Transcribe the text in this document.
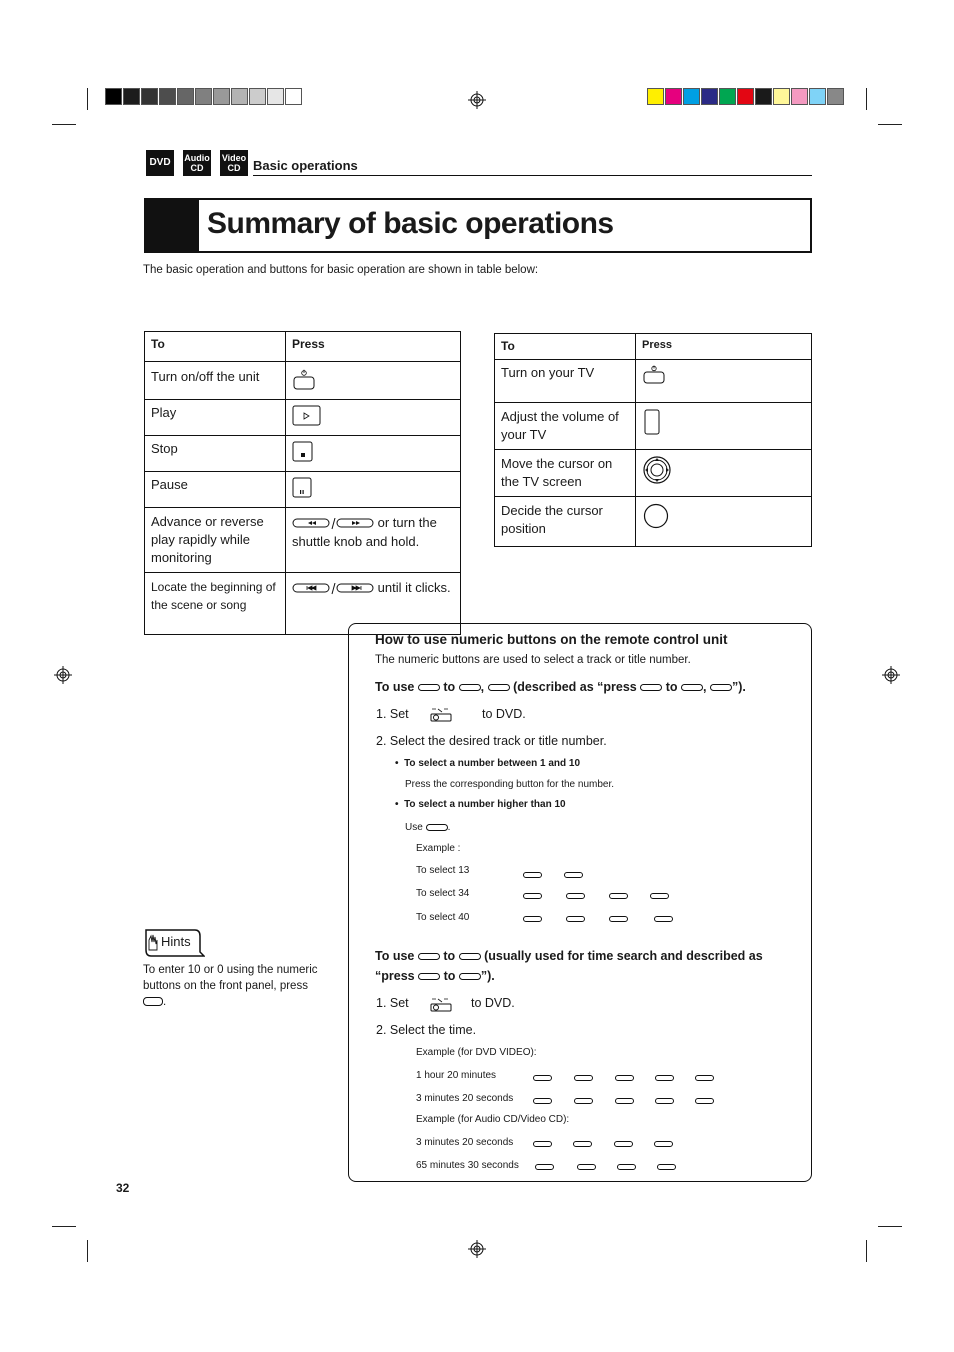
DVD	Audio
CD
Video
CD Basic operations
Summary of basic operations
The basic operation and buttons for basic operation are shown in table below:
To	Press
Turn on/off the unit	
Play	
Stop	
Pause	
Advance or reverse play rapidly while monitoring	or turn the shuttle knob and hold.
Locate the beginning of the scene or song	until it clicks.
To	Press
Turn on your TV	
Adjust the volume of your TV	
Move the cursor on the TV screen	
Decide the cursor position	
How to use numeric buttons on the remote control unit
The numeric buttons are used to select a track or title number.
To use to , (described as “press to , ”).
1. Set	to DVD.
2. Select the desired track or title number.
•  To select a number between 1 and 10
Press the corresponding button for the number.
•  To select a number higher than 10
Use .
Example :
To select 13
To select 34
To select 40
To use to (usually used for time search and described as
“press to ”).
1. Set	to DVD.
2. Select the time.
Example (for DVD VIDEO):
1 hour 20 minutes
3 minutes 20 seconds
Example (for Audio CD/Video CD):
3 minutes 20 seconds
65 minutes 30 seconds
Hints
To enter 10 or 0 using the numeric buttons on the front panel, press .
32
